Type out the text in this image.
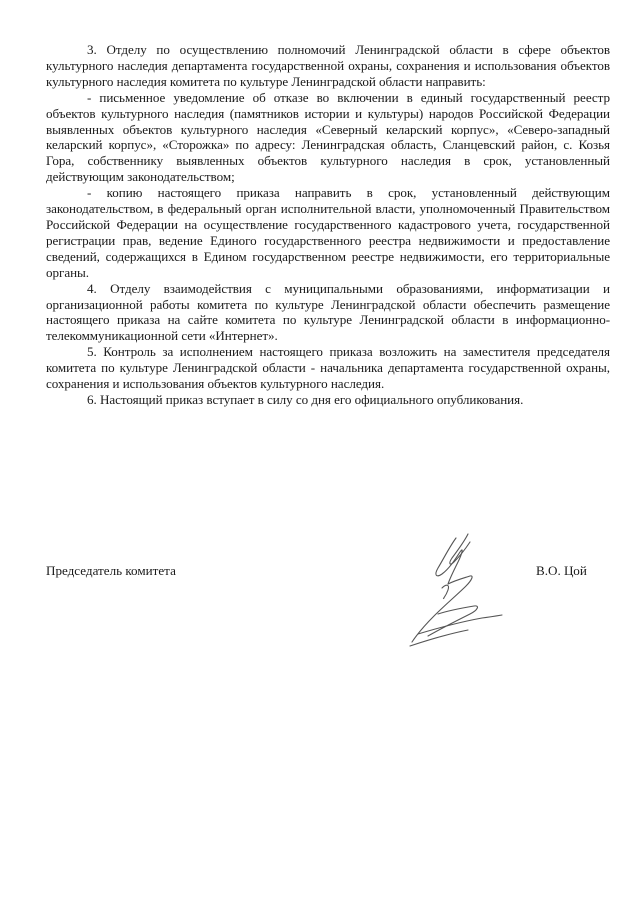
3. Отделу по осуществлению полномочий Ленинградской области в сфере объектов культурного наследия департамента государственной охраны, сохранения и использования объектов культурного наследия комитета по культуре Ленинградской области направить:

- письменное уведомление об отказе во включении в единый государственный реестр объектов культурного наследия (памятников истории и культуры) народов Российской Федерации выявленных объектов культурного наследия «Северный келарский корпус», «Северо-западный келарский корпус», «Сторожка» по адресу: Ленинградская область, Сланцевский район, с. Козья Гора, собственнику выявленных объектов культурного наследия в срок, установленный действующим законодательством;

- копию настоящего приказа направить в срок, установленный действующим законодательством, в федеральный орган исполнительной власти, уполномоченный Правительством Российской Федерации на осуществление государственного кадастрового учета, государственной регистрации прав, ведение Единого государственного реестра недвижимости и предоставление сведений, содержащихся в Едином государственном реестре недвижимости, его территориальные органы.

4. Отделу взаимодействия с муниципальными образованиями, информатизации и организационной работы комитета по культуре Ленинградской области обеспечить размещение настоящего приказа на сайте комитета по культуре Ленинградской области в информационно-телекоммуникационной сети «Интернет».

5. Контроль за исполнением настоящего приказа возложить на заместителя председателя комитета по культуре Ленинградской области - начальника департамента государственной охраны, сохранения и использования объектов культурного наследия.

6. Настоящий приказ вступает в силу со дня его официального опубликования.

Председатель комитета	В.О. Цой
